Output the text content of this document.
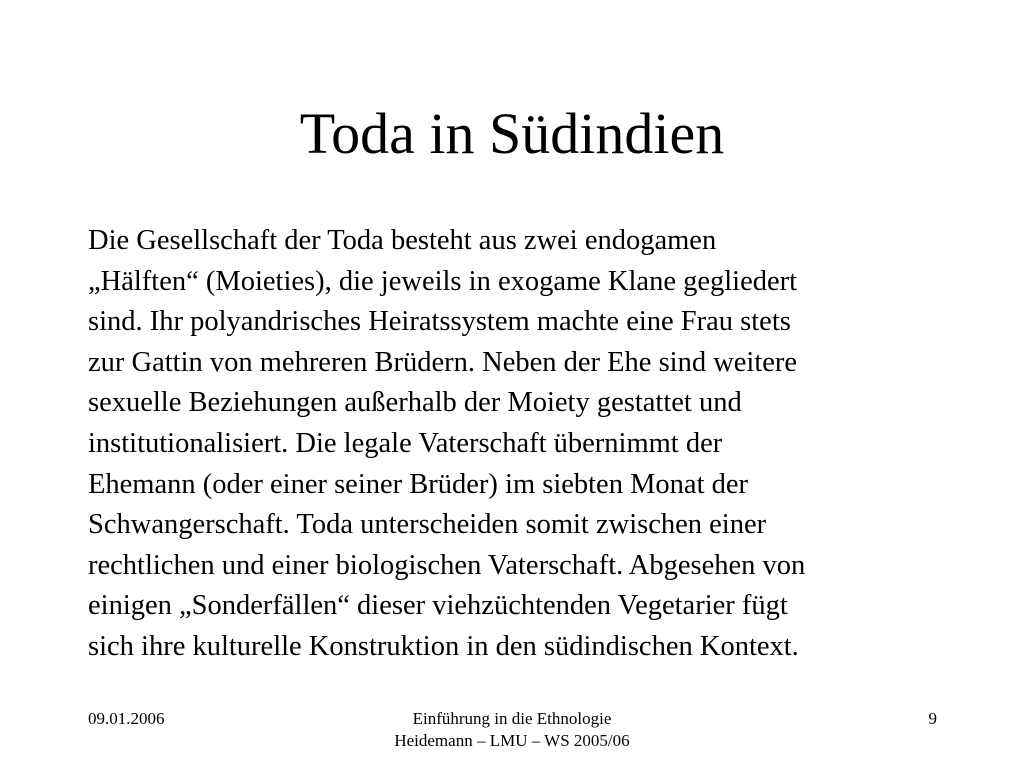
Toda in Südindien
Die Gesellschaft der Toda besteht aus zwei endogamen
„Hälften“ (Moieties), die jeweils in exogame Klane gegliedert
sind. Ihr polyandrisches Heiratssystem machte eine Frau stets
zur Gattin von mehreren Brüdern. Neben der Ehe sind weitere
sexuelle Beziehungen außerhalb der Moiety gestattet und
institutionalisiert. Die legale Vaterschaft übernimmt der
Ehemann (oder einer seiner Brüder) im siebten Monat der
Schwangerschaft. Toda unterscheiden somit zwischen einer
rechtlichen und einer biologischen Vaterschaft. Abgesehen von
einigen „Sonderfällen“ dieser viehzüchtenden Vegetarier fügt
sich ihre kulturelle Konstruktion in den südindischen Kontext.
09.01.2006	Einführung in die Ethnologie
Heidemann – LMU – WS 2005/06
9
